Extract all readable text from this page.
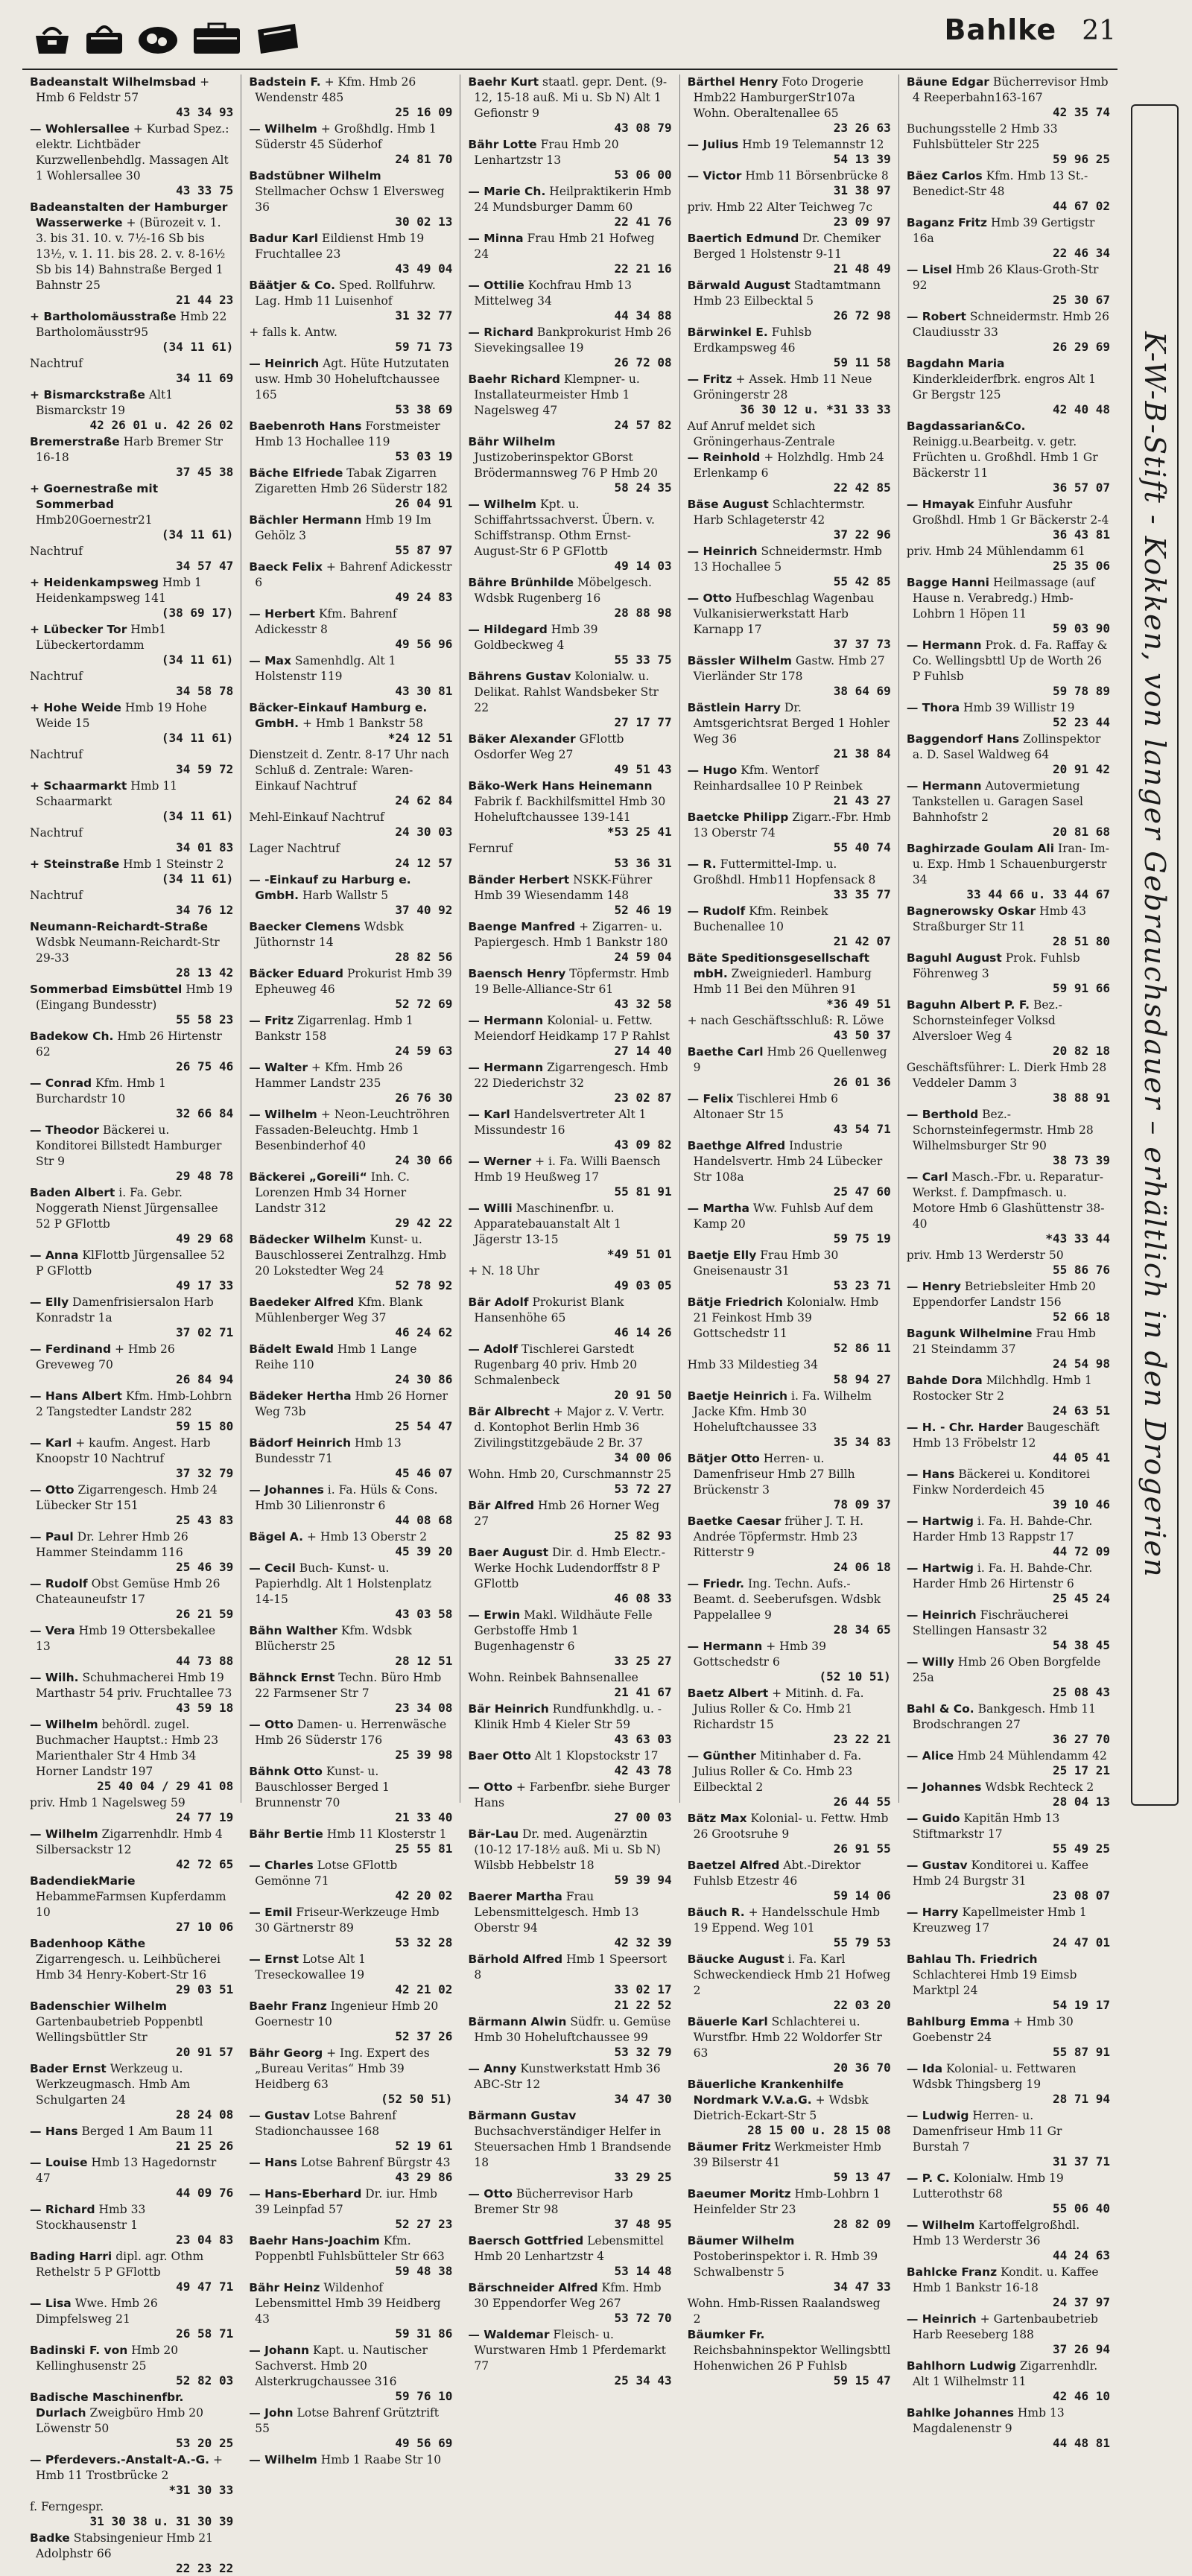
Bahlke 21
Badeanstalt Wilhelmsbad + Hmb 6 Feldstr 57
43 34 93
— Wohlersallee + Kurbad Spez.: elektr. Lichtbäder Kurzwellenbehdlg. Massagen Alt 1 Wohlersallee 30
43 33 75
Badeanstalten der Hamburger Wasserwerke + (Bürozeit v. 1. 3. bis 31. 10. v. 7½-16 Sb bis 13½, v. 1. 11. bis 28. 2. v. 8-16½ Sb bis 14) Bahnstraße Berged 1 Bahnstr 25
21 44 23
+ Bartholomäusstraße Hmb 22 Bartholomäusstr95
(34 11 61)
Nachtruf
34 11 69
+ Bismarckstraße Alt1 Bismarckstr 19
42 26 01 u. 42 26 02
Bremerstraße Harb Bremer Str 16-18
37 45 38
+ Goernestraße mit Sommerbad Hmb20Goernestr21
(34 11 61)
Nachtruf
34 57 47
+ Heidenkampsweg Hmb 1 Heidenkampsweg 141
(38 69 17)
+ Lübecker Tor Hmb1 Lübeckertordamm
(34 11 61)
Nachtruf
34 58 78
+ Hohe Weide Hmb 19 Hohe Weide 15
(34 11 61)
Nachtruf
34 59 72
+ Schaarmarkt Hmb 11 Schaarmarkt
(34 11 61)
Nachtruf
34 01 83
+ Steinstraße Hmb 1 Steinstr 2
(34 11 61)
Nachtruf
34 76 12
Neumann-Reichardt-Straße Wdsbk Neumann-Reichardt-Str 29-33
28 13 42
Sommerbad Eimsbüttel Hmb 19 (Eingang Bundesstr)
55 58 23
Badekow Ch. Hmb 26 Hirtenstr 62
26 75 46
— Conrad Kfm. Hmb 1 Burchardstr 10
32 66 84
— Theodor Bäckerei u. Konditorei Billstedt Hamburger Str 9
29 48 78
Baden Albert i. Fa. Gebr. Noggerath Nienst Jürgensallee 52 P GFlottb
49 29 68
— Anna KlFlottb Jürgensallee 52 P GFlottb
49 17 33
— Elly Damenfrisiersalon Harb Konradstr 1a
37 02 71
— Ferdinand + Hmb 26 Greveweg 70
26 84 94
— Hans Albert Kfm. Hmb-Lohbrn 2 Tangstedter Landstr 282
59 15 80
— Karl + kaufm. Angest. Harb Knoopstr 10 Nachtruf
37 32 79
— Otto Zigarrengesch. Hmb 24 Lübecker Str 151
25 43 83
— Paul Dr. Lehrer Hmb 26 Hammer Steindamm 116
25 46 39
— Rudolf Obst Gemüse Hmb 26 Chateauneufstr 17
26 21 59
— Vera Hmb 19 Ottersbekallee 13
44 73 88
— Wilh. Schuhmacherei Hmb 19 Marthastr 54 priv. Fruchtallee 73
43 59 18
— Wilhelm behördl. zugel. Buchmacher Hauptst.: Hmb 23 Marienthaler Str 4 Hmb 34 Horner Landstr 197
25 40 04 / 29 41 08
priv. Hmb 1 Nagelsweg 59
24 77 19
— Wilhelm Zigarrenhdlr. Hmb 4 Silbersackstr 12
42 72 65
BadendiekMarie HebammeFarmsen Kupferdamm 10
27 10 06
Badenhoop Käthe Zigarrengesch. u. Leihbücherei Hmb 34 Henry-Kobert-Str 16
29 03 51
Badenschier Wilhelm Gartenbaubetrieb Poppenbtl Wellingsbüttler Str
20 91 57
Bader Ernst Werkzeug u. Werkzeugmasch. Hmb Am Schulgarten 24
28 24 08
— Hans Berged 1 Am Baum 11
21 25 26
— Louise Hmb 13 Hagedornstr 47
44 09 76
— Richard Hmb 33 Stockhausenstr 1
23 04 83
Bading Harri dipl. agr. Othm Rethelstr 5 P GFlottb
49 47 71
— Lisa Wwe. Hmb 26 Dimpfelsweg 21
26 58 71
Badinski F. von Hmb 20 Kellinghusenstr 25
52 82 03
Badische Maschinenfbr. Durlach Zweigbüro Hmb 20 Löwenstr 50
53 20 25
— Pferdevers.-Anstalt-A.-G. + Hmb 11 Trostbrücke 2
*31 30 33
f. Ferngespr.
31 30 38 u. 31 30 39
Badke Stabsingenieur Hmb 21 Adolphstr 66
22 23 22
Badstein F. + Kfm. Hmb 26 Wendenstr 485
25 16 09
— Wilhelm + Großhdlg. Hmb 1 Süderstr 45 Süderhof
24 81 70
Badstübner Wilhelm Stellmacher Ochsw 1 Elversweg 36
30 02 13
Badur Karl Eildienst Hmb 19 Fruchtallee 23
43 49 04
Bäätjer & Co. Sped. Rollfuhrw. Lag. Hmb 11 Luisenhof
31 32 77
+ falls k. Antw.
59 71 73
— Heinrich Agt. Hüte Hutzutaten usw. Hmb 30 Hoheluftchaussee 165
53 38 69
Baebenroth Hans Forstmeister Hmb 13 Hochallee 119
53 03 19
Bäche Elfriede Tabak Zigarren Zigaretten Hmb 26 Süderstr 182
26 04 91
Bächler Hermann Hmb 19 Im Gehölz 3
55 87 97
Baeck Felix + Bahrenf Adickesstr 6
49 24 83
— Herbert Kfm. Bahrenf Adickesstr 8
49 56 96
— Max Samenhdlg. Alt 1 Holstenstr 119
43 30 81
Bäcker-Einkauf Hamburg e. GmbH. + Hmb 1 Bankstr 58
*24 12 51
Dienstzeit d. Zentr. 8-17 Uhr nach Schluß d. Zentrale: Waren-Einkauf Nachtruf
24 62 84
Mehl-Einkauf Nachtruf
24 30 03
Lager Nachtruf
24 12 57
— -Einkauf zu Harburg e. GmbH. Harb Wallstr 5
37 40 92
Baecker Clemens Wdsbk Jüthornstr 14
28 82 56
Bäcker Eduard Prokurist Hmb 39 Epheuweg 46
52 72 69
— Fritz Zigarrenlag. Hmb 1 Bankstr 158
24 59 63
— Walter + Kfm. Hmb 26 Hammer Landstr 235
26 76 30
— Wilhelm + Neon-Leuchtröhren Fassaden-Beleuchtg. Hmb 1 Besenbinderhof 40
24 30 66
Bäckerei „Goreili“ Inh. C. Lorenzen Hmb 34 Horner Landstr 312
29 42 22
Bädecker Wilhelm Kunst- u. Bauschlosserei Zentralhzg. Hmb 20 Lokstedter Weg 24
52 78 92
Baedeker Alfred Kfm. Blank Mühlenberger Weg 37
46 24 62
Bädelt Ewald Hmb 1 Lange Reihe 110
24 30 86
Bädeker Hertha Hmb 26 Horner Weg 73b
25 54 47
Bädorf Heinrich Hmb 13 Bundesstr 71
45 46 07
— Johannes i. Fa. Hüls & Cons. Hmb 30 Lilienronstr 6
44 08 68
Bägel A. + Hmb 13 Oberstr 2
45 39 20
— Cecil Buch- Kunst- u. Papierhdlg. Alt 1 Holstenplatz 14-15
43 03 58
Bähn Walther Kfm. Wdsbk Blücherstr 25
28 12 51
Bähnck Ernst Techn. Büro Hmb 22 Farmsener Str 7
23 34 08
— Otto Damen- u. Herrenwäsche Hmb 26 Süderstr 176
25 39 98
Bähnk Otto Kunst- u. Bauschlosser Berged 1 Brunnenstr 70
21 33 40
Bähr Bertie Hmb 11 Klosterstr 1
25 55 81
— Charles Lotse GFlottb Gemönne 71
42 20 02
— Emil Friseur-Werkzeuge Hmb 30 Gärtnerstr 89
53 32 28
— Ernst Lotse Alt 1 Treseckowallee 19
42 21 02
Baehr Franz Ingenieur Hmb 20 Goernestr 10
52 37 26
Bähr Georg + Ing. Expert des „Bureau Veritas“ Hmb 39 Heidberg 63
(52 50 51)
— Gustav Lotse Bahrenf Stadionchaussee 168
52 19 61
— Hans Lotse Bahrenf Bürgstr 43
43 29 86
— Hans-Eberhard Dr. iur. Hmb 39 Leinpfad 57
52 27 23
Baehr Hans-Joachim Kfm. Poppenbtl Fuhlsbütteler Str 663
59 48 38
Bähr Heinz Wildenhof Lebensmittel Hmb 39 Heidberg 43
59 31 86
— Johann Kapt. u. Nautischer Sachverst. Hmb 20 Alsterkrugchaussee 316
59 76 10
— John Lotse Bahrenf Grütztrift 55
49 56 69
— Wilhelm Hmb 1 Raabe Str 10
Baehr Kurt staatl. gepr. Dent. (9-12, 15-18 auß. Mi u. Sb N) Alt 1 Gefionstr 9
43 08 79
Bähr Lotte Frau Hmb 20 Lenhartzstr 13
53 06 00
— Marie Ch. Heilpraktikerin Hmb 24 Mundsburger Damm 60
22 41 76
— Minna Frau Hmb 21 Hofweg 24
22 21 16
— Ottilie Kochfrau Hmb 13 Mittelweg 34
44 34 88
— Richard Bankprokurist Hmb 26 Sievekingsallee 19
26 72 08
Baehr Richard Klempner- u. Installateurmeister Hmb 1 Nagelsweg 47
24 57 82
Bähr Wilhelm Justizoberinspektor GBorst Brödermannsweg 76 P Hmb 20
58 24 35
— Wilhelm Kpt. u. Schiffahrtssachverst. Übern. v. Schiffstransp. Othm Ernst-August-Str 6 P GFlottb
49 14 03
Bähre Brünhilde Möbelgesch. Wdsbk Rugenberg 16
28 88 98
— Hildegard Hmb 39 Goldbeckweg 4
55 33 75
Bährens Gustav Kolonialw. u. Delikat. Rahlst Wandsbeker Str 22
27 17 77
Bäker Alexander GFlottb Osdorfer Weg 27
49 51 43
Bäko-Werk Hans Heinemann Fabrik f. Backhilfsmittel Hmb 30 Hoheluftchaussee 139-141
*53 25 41
Fernruf
53 36 31
Bänder Herbert NSKK-Führer Hmb 39 Wiesendamm 148
52 46 19
Baenge Manfred + Zigarren- u. Papiergesch. Hmb 1 Bankstr 180
24 59 04
Baensch Henry Töpfermstr. Hmb 19 Belle-Alliance-Str 61
43 32 58
— Hermann Kolonial- u. Fettw. Meiendorf Heidkamp 17 P Rahlst
27 14 40
— Hermann Zigarrengesch. Hmb 22 Diederichstr 32
23 02 87
— Karl Handelsvertreter Alt 1 Missundestr 16
43 09 82
— Werner + i. Fa. Willi Baensch Hmb 19 Heußweg 17
55 81 91
— Willi Maschinenfbr. u. Apparatebauanstalt Alt 1 Jägerstr 13-15
*49 51 01
+ N. 18 Uhr
49 03 05
Bär Adolf Prokurist Blank Hansenhöhe 65
46 14 26
— Adolf Tischlerei Garstedt Rugenbarg 40 priv. Hmb 20 Schmalenbeck
20 91 50
Bär Albrecht + Major z. V. Vertr. d. Kontophot Berlin Hmb 36 Zivilingstitzgebäude 2 Br. 37
34 00 06
Wohn. Hmb 20, Curschmannstr 25
53 72 27
Bär Alfred Hmb 26 Horner Weg 27
25 82 93
Baer August Dir. d. Hmb Electr.-Werke Hochk Ludendorffstr 8 P GFlottb
46 08 33
— Erwin Makl. Wildhäute Felle Gerbstoffe Hmb 1 Bugenhagenstr 6
33 25 27
Wohn. Reinbek Bahnsenallee
21 41 67
Bär Heinrich Rundfunkhdlg. u. -Klinik Hmb 4 Kieler Str 59
43 63 03
Baer Otto Alt 1 Klopstockstr 17
42 43 78
— Otto + Farbenfbr. siehe Burger Hans
27 00 03
Bär-Lau Dr. med. Augenärztin (10-12 17-18½ auß. Mi u. Sb N) Wilsbb Hebbelstr 18
59 39 94
Baerer Martha Frau Lebensmittelgesch. Hmb 13 Oberstr 94
42 32 39
Bärhold Alfred Hmb 1 Speersort 8
33 02 17
21 22 52
Bärmann Alwin Südfr. u. Gemüse Hmb 30 Hoheluftchaussee 99
53 32 79
— Anny Kunstwerkstatt Hmb 36 ABC-Str 12
34 47 30
Bärmann Gustav Buchsachverständiger Helfer in Steuersachen Hmb 1 Brandsende 18
33 29 25
— Otto Bücherrevisor Harb Bremer Str 98
37 48 95
Baersch Gottfried Lebensmittel Hmb 20 Lenhartzstr 4
53 14 48
Bärschneider Alfred Kfm. Hmb 30 Eppendorfer Weg 267
53 72 70
— Waldemar Fleisch- u. Wurstwaren Hmb 1 Pferdemarkt 77
25 34 43
Bärthel Henry Foto Drogerie Hmb22 HamburgerStr107a Wohn. Oberaltenallee 65
23 26 63
— Julius Hmb 19 Telemannstr 12
54 13 39
— Victor Hmb 11 Börsenbrücke 8
31 38 97
priv. Hmb 22 Alter Teichweg 7c
23 09 97
Baertich Edmund Dr. Chemiker Berged 1 Holstenstr 9-11
21 48 49
Bärwald August Stadtamtmann Hmb 23 Eilbecktal 5
26 72 98
Bärwinkel E. Fuhlsb Erdkampsweg 46
59 11 58
— Fritz + Assek. Hmb 11 Neue Gröningerstr 28
36 30 12 u. *31 33 33
Auf Anruf meldet sich Gröningerhaus-Zentrale
— Reinhold + Holzhdlg. Hmb 24 Erlenkamp 6
22 42 85
Bäse August Schlachtermstr. Harb Schlageterstr 42
37 22 96
— Heinrich Schneidermstr. Hmb 13 Hochallee 5
55 42 85
— Otto Hufbeschlag Wagenbau Vulkanisierwerkstatt Harb Karnapp 17
37 37 73
Bässler Wilhelm Gastw. Hmb 27 Vierländer Str 178
38 64 69
Bästlein Harry Dr. Amtsgerichtsrat Berged 1 Hohler Weg 36
21 38 84
— Hugo Kfm. Wentorf Reinhardsallee 10 P Reinbek
21 43 27
Baetcke Philipp Zigarr.-Fbr. Hmb 13 Oberstr 74
55 40 74
— R. Futtermittel-Imp. u. Großhdl. Hmb11 Hopfensack 8
33 35 77
— Rudolf Kfm. Reinbek Buchenallee 10
21 42 07
Bäte Speditionsgesellschaft mbH. Zweigniederl. Hamburg Hmb 11 Bei den Mühren 91
*36 49 51
+ nach Geschäftsschluß: R. Löwe
43 50 37
Baethe Carl Hmb 26 Quellenweg 9
26 01 36
— Felix Tischlerei Hmb 6 Altonaer Str 15
43 54 71
Baethge Alfred Industrie Handelsvertr. Hmb 24 Lübecker Str 108a
25 47 60
— Martha Ww. Fuhlsb Auf dem Kamp 20
59 75 19
Baetje Elly Frau Hmb 30 Gneisenaustr 31
53 23 71
Bätje Friedrich Kolonialw. Hmb 21 Feinkost Hmb 39 Gottschedstr 11
52 86 11
Hmb 33 Mildestieg 34
58 94 27
Baetje Heinrich i. Fa. Wilhelm Jacke Kfm. Hmb 30 Hoheluftchaussee 33
35 34 83
Bätjer Otto Herren- u. Damenfriseur Hmb 27 Billh Brückenstr 3
78 09 37
Baetke Caesar früher J. T. H. Andrée Töpfermstr. Hmb 23 Ritterstr 9
24 06 18
— Friedr. Ing. Techn. Aufs.-Beamt. d. Seeberufsgen. Wdsbk Pappelallee 9
28 34 65
— Hermann + Hmb 39 Gottschedstr 6
(52 10 51)
Baetz Albert + Mitinh. d. Fa. Julius Roller & Co. Hmb 21 Richardstr 15
23 22 21
— Günther Mitinhaber d. Fa. Julius Roller & Co. Hmb 23 Eilbecktal 2
26 44 55
Bätz Max Kolonial- u. Fettw. Hmb 26 Grootsruhe 9
26 91 55
Baetzel Alfred Abt.-Direktor Fuhlsb Etzestr 46
59 14 06
Bäuch R. + Handelsschule Hmb 19 Eppend. Weg 101
55 79 53
Bäucke August i. Fa. Karl Schweckendieck Hmb 21 Hofweg 2
22 03 20
Bäuerle Karl Schlachterei u. Wurstfbr. Hmb 22 Woldorfer Str 63
20 36 70
Bäuerliche Krankenhilfe Nordmark V.V.a.G. + Wdsbk Dietrich-Eckart-Str 5
28 15 00 u. 28 15 08
Bäumer Fritz Werkmeister Hmb 39 Bilserstr 41
59 13 47
Baeumer Moritz Hmb-Lohbrn 1 Heinfelder Str 23
28 82 09
Bäumer Wilhelm Postoberinspektor i. R. Hmb 39 Schwalbenstr 5
34 47 33
Wohn. Hmb-Rissen Raalandsweg 2
Bäumker Fr. Reichsbahninspektor Wellingsbttl Hohenwichen 26 P Fuhlsb
59 15 47
Bäune Edgar Bücherrevisor Hmb 4 Reeperbahn163-167
42 35 74
Buchungsstelle 2 Hmb 33 Fuhlsbütteler Str 225
59 96 25
Bäez Carlos Kfm. Hmb 13 St.-Benedict-Str 48
44 67 02
Baganz Fritz Hmb 39 Gertigstr 16a
22 46 34
— Lisel Hmb 26 Klaus-Groth-Str 92
25 30 67
— Robert Schneidermstr. Hmb 26 Claudiusstr 33
26 29 69
Bagdahn Maria Kinderkleiderfbrk. engros Alt 1 Gr Bergstr 125
42 40 48
Bagdassarian&Co. Reinigg.u.Bearbeitg. v. getr. Früchten u. Großhdl. Hmb 1 Gr Bäckerstr 11
36 57 07
— Hmayak Einfuhr Ausfuhr Großhdl. Hmb 1 Gr Bäckerstr 2-4
36 43 81
priv. Hmb 24 Mühlendamm 61
25 35 06
Bagge Hanni Heilmassage (auf Hause n. Verabredg.) Hmb-Lohbrn 1 Höpen 11
59 03 90
— Hermann Prok. d. Fa. Raffay & Co. Wellingsbttl Up de Worth 26 P Fuhlsb
59 78 89
— Thora Hmb 39 Willistr 19
52 23 44
Baggendorf Hans Zollinspektor a. D. Sasel Waldweg 64
20 91 42
— Hermann Autovermietung Tankstellen u. Garagen Sasel Bahnhofstr 2
20 81 68
Baghirzade Goulam Ali Iran- Im- u. Exp. Hmb 1 Schauenburgerstr 34
33 44 66 u. 33 44 67
Bagnerowsky Oskar Hmb 43 Straßburger Str 11
28 51 80
Baguhl August Prok. Fuhlsb Föhrenweg 3
59 91 66
Baguhn Albert P. F. Bez.-Schornsteinfeger Volksd Alversloer Weg 4
20 82 18
Geschäftsführer: L. Dierk Hmb 28 Veddeler Damm 3
38 88 91
— Berthold Bez.-Schornsteinfegermstr. Hmb 28 Wilhelmsburger Str 90
38 73 39
— Carl Masch.-Fbr. u. Reparatur-Werkst. f. Dampfmasch. u. Motore Hmb 6 Glashüttenstr 38-40
*43 33 44
priv. Hmb 13 Werderstr 50
55 86 76
— Henry Betriebsleiter Hmb 20 Eppendorfer Landstr 156
52 66 18
Bagunk Wilhelmine Frau Hmb 21 Steindamm 37
24 54 98
Bahde Dora Milchhdlg. Hmb 1 Rostocker Str 2
24 63 51
— H. - Chr. Harder Baugeschäft Hmb 13 Fröbelstr 12
44 05 41
— Hans Bäckerei u. Konditorei Finkw Norderdeich 45
39 10 46
— Hartwig i. Fa. H. Bahde-Chr. Harder Hmb 13 Rappstr 17
44 72 09
— Hartwig i. Fa. H. Bahde-Chr. Harder Hmb 26 Hirtenstr 6
25 45 24
— Heinrich Fischräucherei Stellingen Hansastr 32
54 38 45
— Willy Hmb 26 Oben Borgfelde 25a
25 08 43
Bahl & Co. Bankgesch. Hmb 11 Brodschrangen 27
36 27 70
— Alice Hmb 24 Mühlendamm 42
25 17 21
— Johannes Wdsbk Rechteck 2
28 04 13
— Guido Kapitän Hmb 13 Stiftmarkstr 17
55 49 25
— Gustav Konditorei u. Kaffee Hmb 24 Burgstr 31
23 08 07
— Harry Kapellmeister Hmb 1 Kreuzweg 17
24 47 01
Bahlau Th. Friedrich Schlachterei Hmb 19 Eimsb Marktpl 24
54 19 17
Bahlburg Emma + Hmb 30 Goebenstr 24
55 87 91
— Ida Kolonial- u. Fettwaren Wdsbk Thingsberg 19
28 71 94
— Ludwig Herren- u. Damenfriseur Hmb 11 Gr Burstah 7
31 37 71
— P. C. Kolonialw. Hmb 19 Lutterothstr 68
55 06 40
— Wilhelm Kartoffelgroßhdl. Hmb 13 Werderstr 36
44 24 63
Bahlcke Franz Kondit. u. Kaffee Hmb 1 Bankstr 16-18
24 37 97
— Heinrich + Gartenbaubetrieb Harb Reeseberg 188
37 26 94
Bahlhorn Ludwig Zigarrenhdlr. Alt 1 Wilhelmstr 11
42 46 10
Bahlke Johannes Hmb 13 Magdalenenstr 9
44 48 81
K-W-B-Stift - Kokken, von langer Gebrauchsdauer – erhältlich in den Drogerien
